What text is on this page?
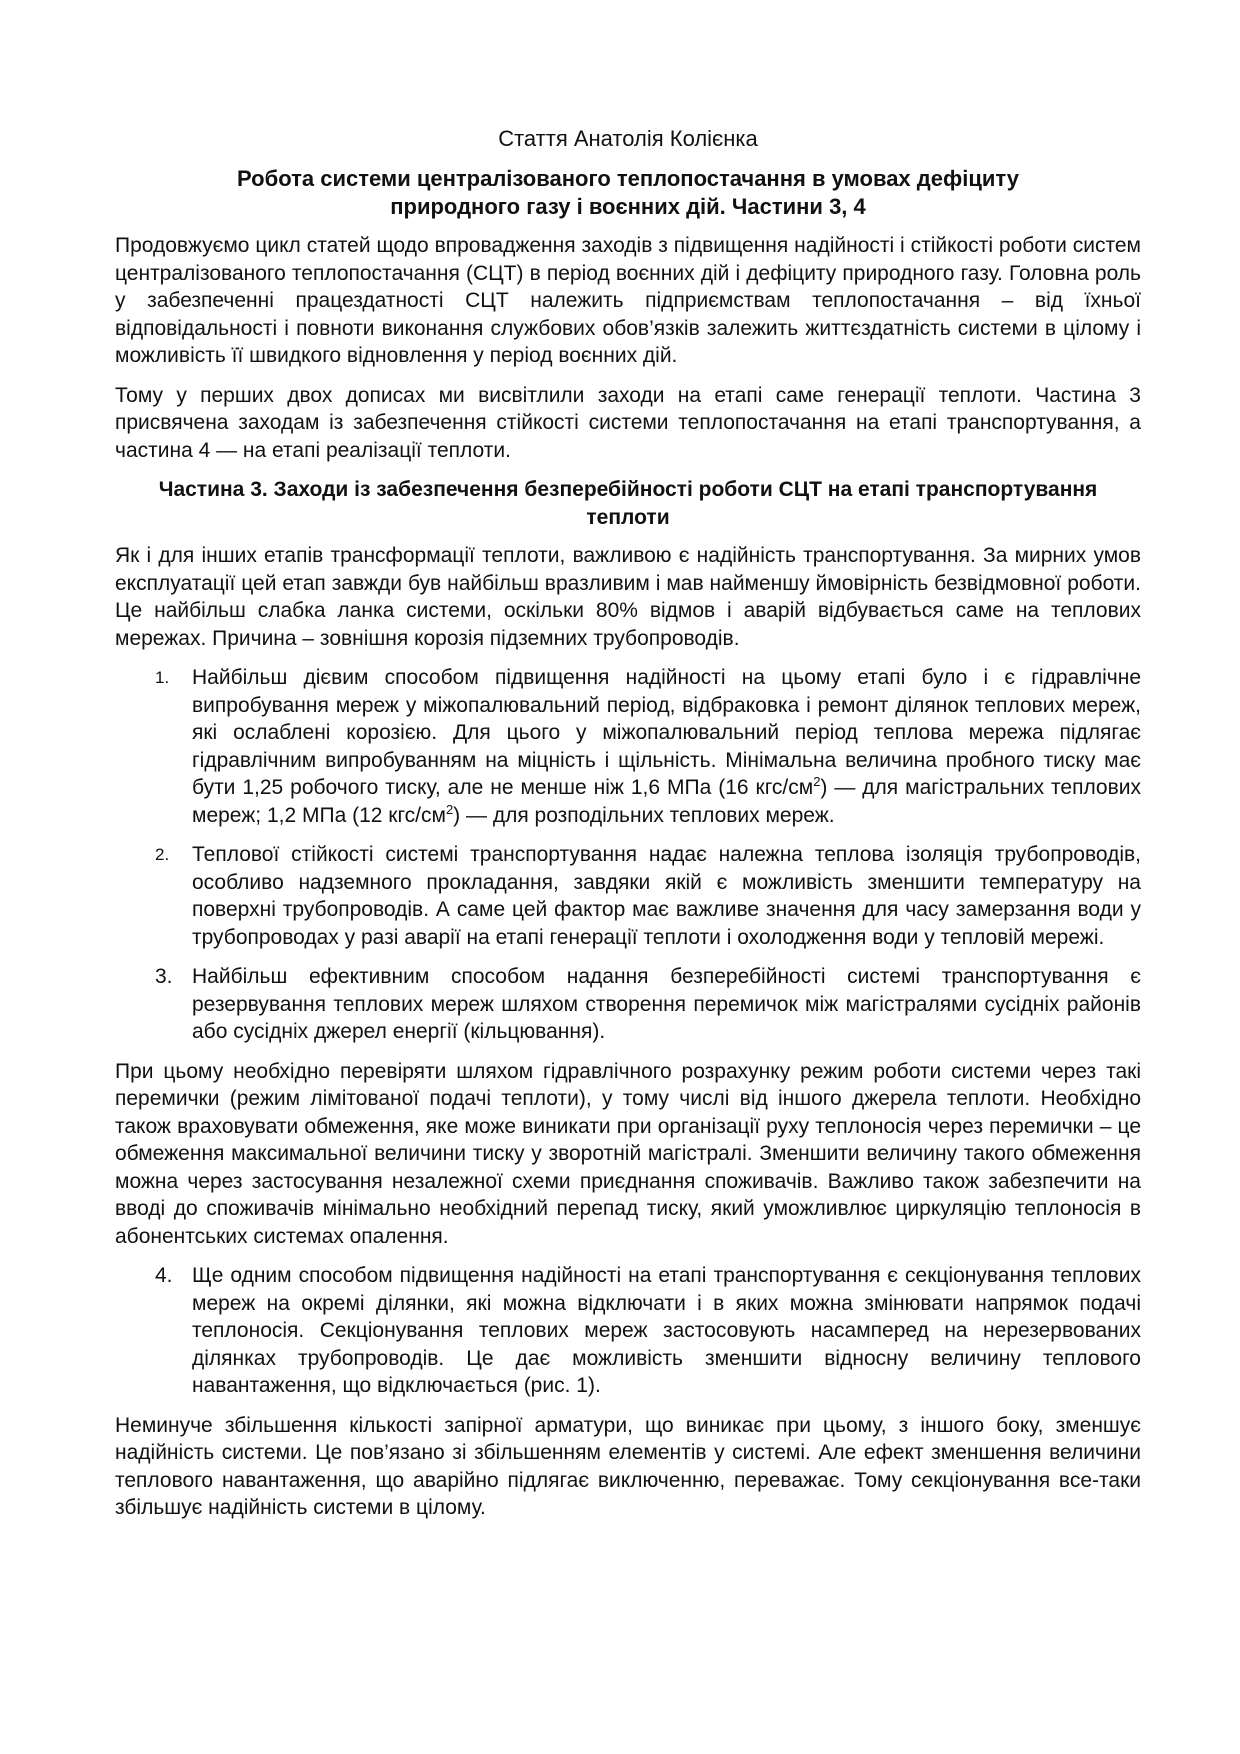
Стаття Анатолія Колієнка
Робота системи централізованого теплопостачання в умовах дефіциту
природного газу і воєнних дій. Частини 3, 4

Продовжуємо цикл статей щодо впровадження заходів з підвищення надійності і стійкості роботи систем централізованого теплопостачання (СЦТ) в період воєнних дій і дефіциту природного газу. Головна роль у забезпеченні працездатності СЦТ належить підприємствам теплопостачання – від їхньої відповідальності і повноти виконання службових обов’язків залежить життєздатність системи в цілому і можливість її швидкого відновлення у період воєнних дій.

Тому у перших двох дописах ми висвітлили заходи на етапі саме генерації теплоти. Частина 3 присвячена заходам із забезпечення стійкості системи теплопостачання на етапі транспортування, а частина 4 — на етапі реалізації теплоти.

Частина 3. Заходи із забезпечення безперебійності роботи СЦТ на етапі транспортування
теплоти

Як і для інших етапів трансформації теплоти, важливою є надійність транспортування. За мирних умов експлуатації цей етап завжди був найбільш вразливим і мав найменшу ймовірність безвідмовної роботи. Це найбільш слабка ланка системи, оскільки 80% відмов і аварій відбувається саме на теплових мережах. Причина – зовнішня корозія підземних трубопроводів.

1.	Найбільш дієвим способом підвищення надійності на цьому етапі було і є гідравлічне випробування мереж у міжопалювальний період, відбраковка і ремонт ділянок теплових мереж, які ослаблені корозією. Для цього у міжопалювальний період теплова мережа підлягає гідравлічним випробуванням на міцність і щільність. Мінімальна величина пробного тиску має бути 1,25 робочого тиску, але не менше ніж 1,6 МПа (16 кгс/$см^2$) — для магістральних теплових мереж; 1,2 МПа (12 кгс/$см^2$) — для розподільних теплових мереж.
2.	Теплової стійкості системі транспортування надає належна теплова ізоляція трубопроводів, особливо надземного прокладання, завдяки якій є можливість зменшити температуру на поверхні трубопроводів. А саме цей фактор має важливе значення для часу замерзання води у трубопроводах у разі аварії на етапі генерації теплоти і охолодження води у тепловій мережі.
3. Найбільш ефективним способом надання безперебійності системі транспортування є резервування теплових мереж шляхом створення перемичок між магістралями сусідніх районів або сусідніх джерел енергії (кільцювання).

При цьому необхідно перевіряти шляхом гідравлічного розрахунку режим роботи системи через такі перемички (режим лімітованої подачі теплоти), у тому числі від іншого джерела теплоти. Необхідно також враховувати обмеження, яке може виникати при організації руху теплоносія через перемички – це обмеження максимальної величини тиску у зворотній магістралі. Зменшити величину такого обмеження можна через застосування незалежної схеми приєднання споживачів. Важливо також забезпечити на вводі до споживачів мінімально необхідний перепад тиску, який уможливлює циркуляцію теплоносія в абонентських системах опалення.

4. Ще одним способом підвищення надійності на етапі транспортування є секціонування теплових мереж на окремі ділянки, які можна відключати і в яких можна змінювати напрямок подачі теплоносія. Секціонування теплових мереж застосовують насамперед на нерезервованих ділянках трубопроводів. Це дає можливість зменшити відносну величину теплового навантаження, що відключається (рис. 1).

Неминуче збільшення кількості запірної арматури, що виникає при цьому, з іншого боку, зменшує надійність системи. Це пов’язано зі збільшенням елементів у системі. Але ефект зменшення величини теплового навантаження, що аварійно підлягає виключенню, переважає. Тому секціонування все-таки збільшує надійність системи в цілому.
